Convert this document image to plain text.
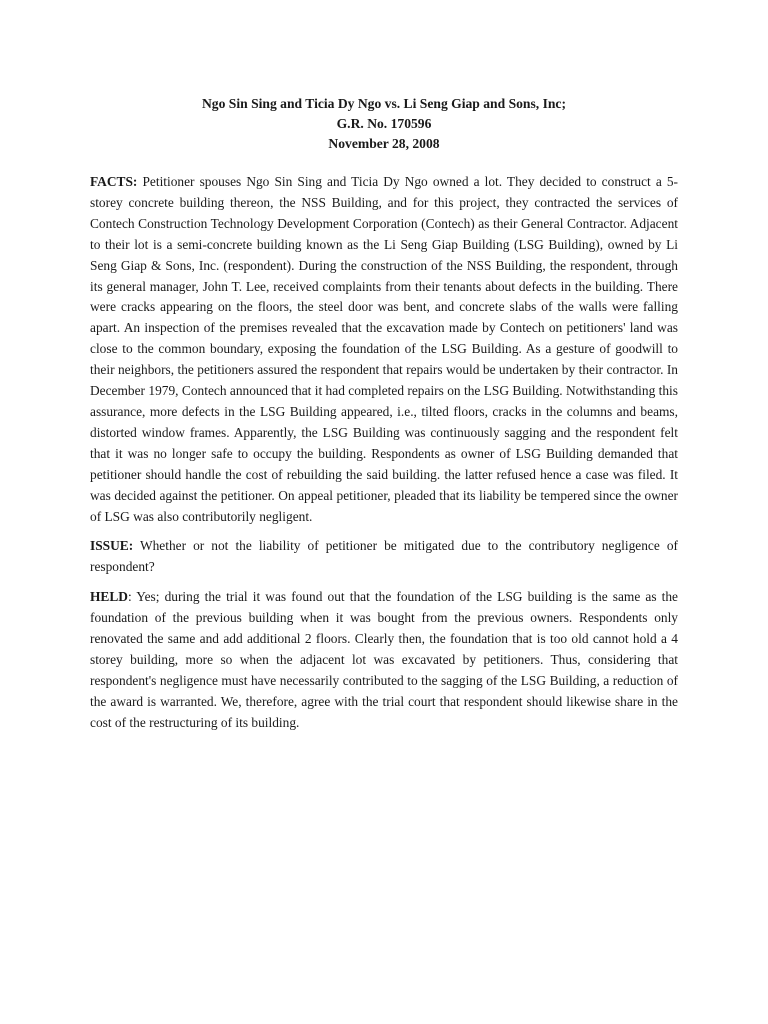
Ngo Sin Sing and Ticia Dy Ngo vs. Li Seng Giap and Sons, Inc;
G.R. No. 170596
November 28, 2008

FACTS: Petitioner spouses Ngo Sin Sing and Ticia Dy Ngo owned a lot. They decided to construct a 5-storey concrete building thereon, the NSS Building, and for this project, they contracted the services of Contech Construction Technology Development Corporation (Contech) as their General Contractor. Adjacent to their lot is a semi-concrete building known as the Li Seng Giap Building (LSG Building), owned by Li Seng Giap & Sons, Inc. (respondent). During the construction of the NSS Building, the respondent, through its general manager, John T. Lee, received complaints from their tenants about defects in the building. There were cracks appearing on the floors, the steel door was bent, and concrete slabs of the walls were falling apart. An inspection of the premises revealed that the excavation made by Contech on petitioners' land was close to the common boundary, exposing the foundation of the LSG Building. As a gesture of goodwill to their neighbors, the petitioners assured the respondent that repairs would be undertaken by their contractor. In December 1979, Contech announced that it had completed repairs on the LSG Building. Notwithstanding this assurance, more defects in the LSG Building appeared, i.e., tilted floors, cracks in the columns and beams, distorted window frames. Apparently, the LSG Building was continuously sagging and the respondent felt that it was no longer safe to occupy the building. Respondents as owner of LSG Building demanded that petitioner should handle the cost of rebuilding the said building. the latter refused hence a case was filed. It was decided against the petitioner. On appeal petitioner, pleaded that its liability be tempered since the owner of LSG was also contributorily negligent.

ISSUE: Whether or not the liability of petitioner be mitigated due to the contributory negligence of respondent?

HELD: Yes; during the trial it was found out that the foundation of the LSG building is the same as the foundation of the previous building when it was bought from the previous owners. Respondents only renovated the same and add additional 2 floors. Clearly then, the foundation that is too old cannot hold a 4 storey building, more so when the adjacent lot was excavated by petitioners. Thus, considering that respondent's negligence must have necessarily contributed to the sagging of the LSG Building, a reduction of the award is warranted. We, therefore, agree with the trial court that respondent should likewise share in the cost of the restructuring of its building.
